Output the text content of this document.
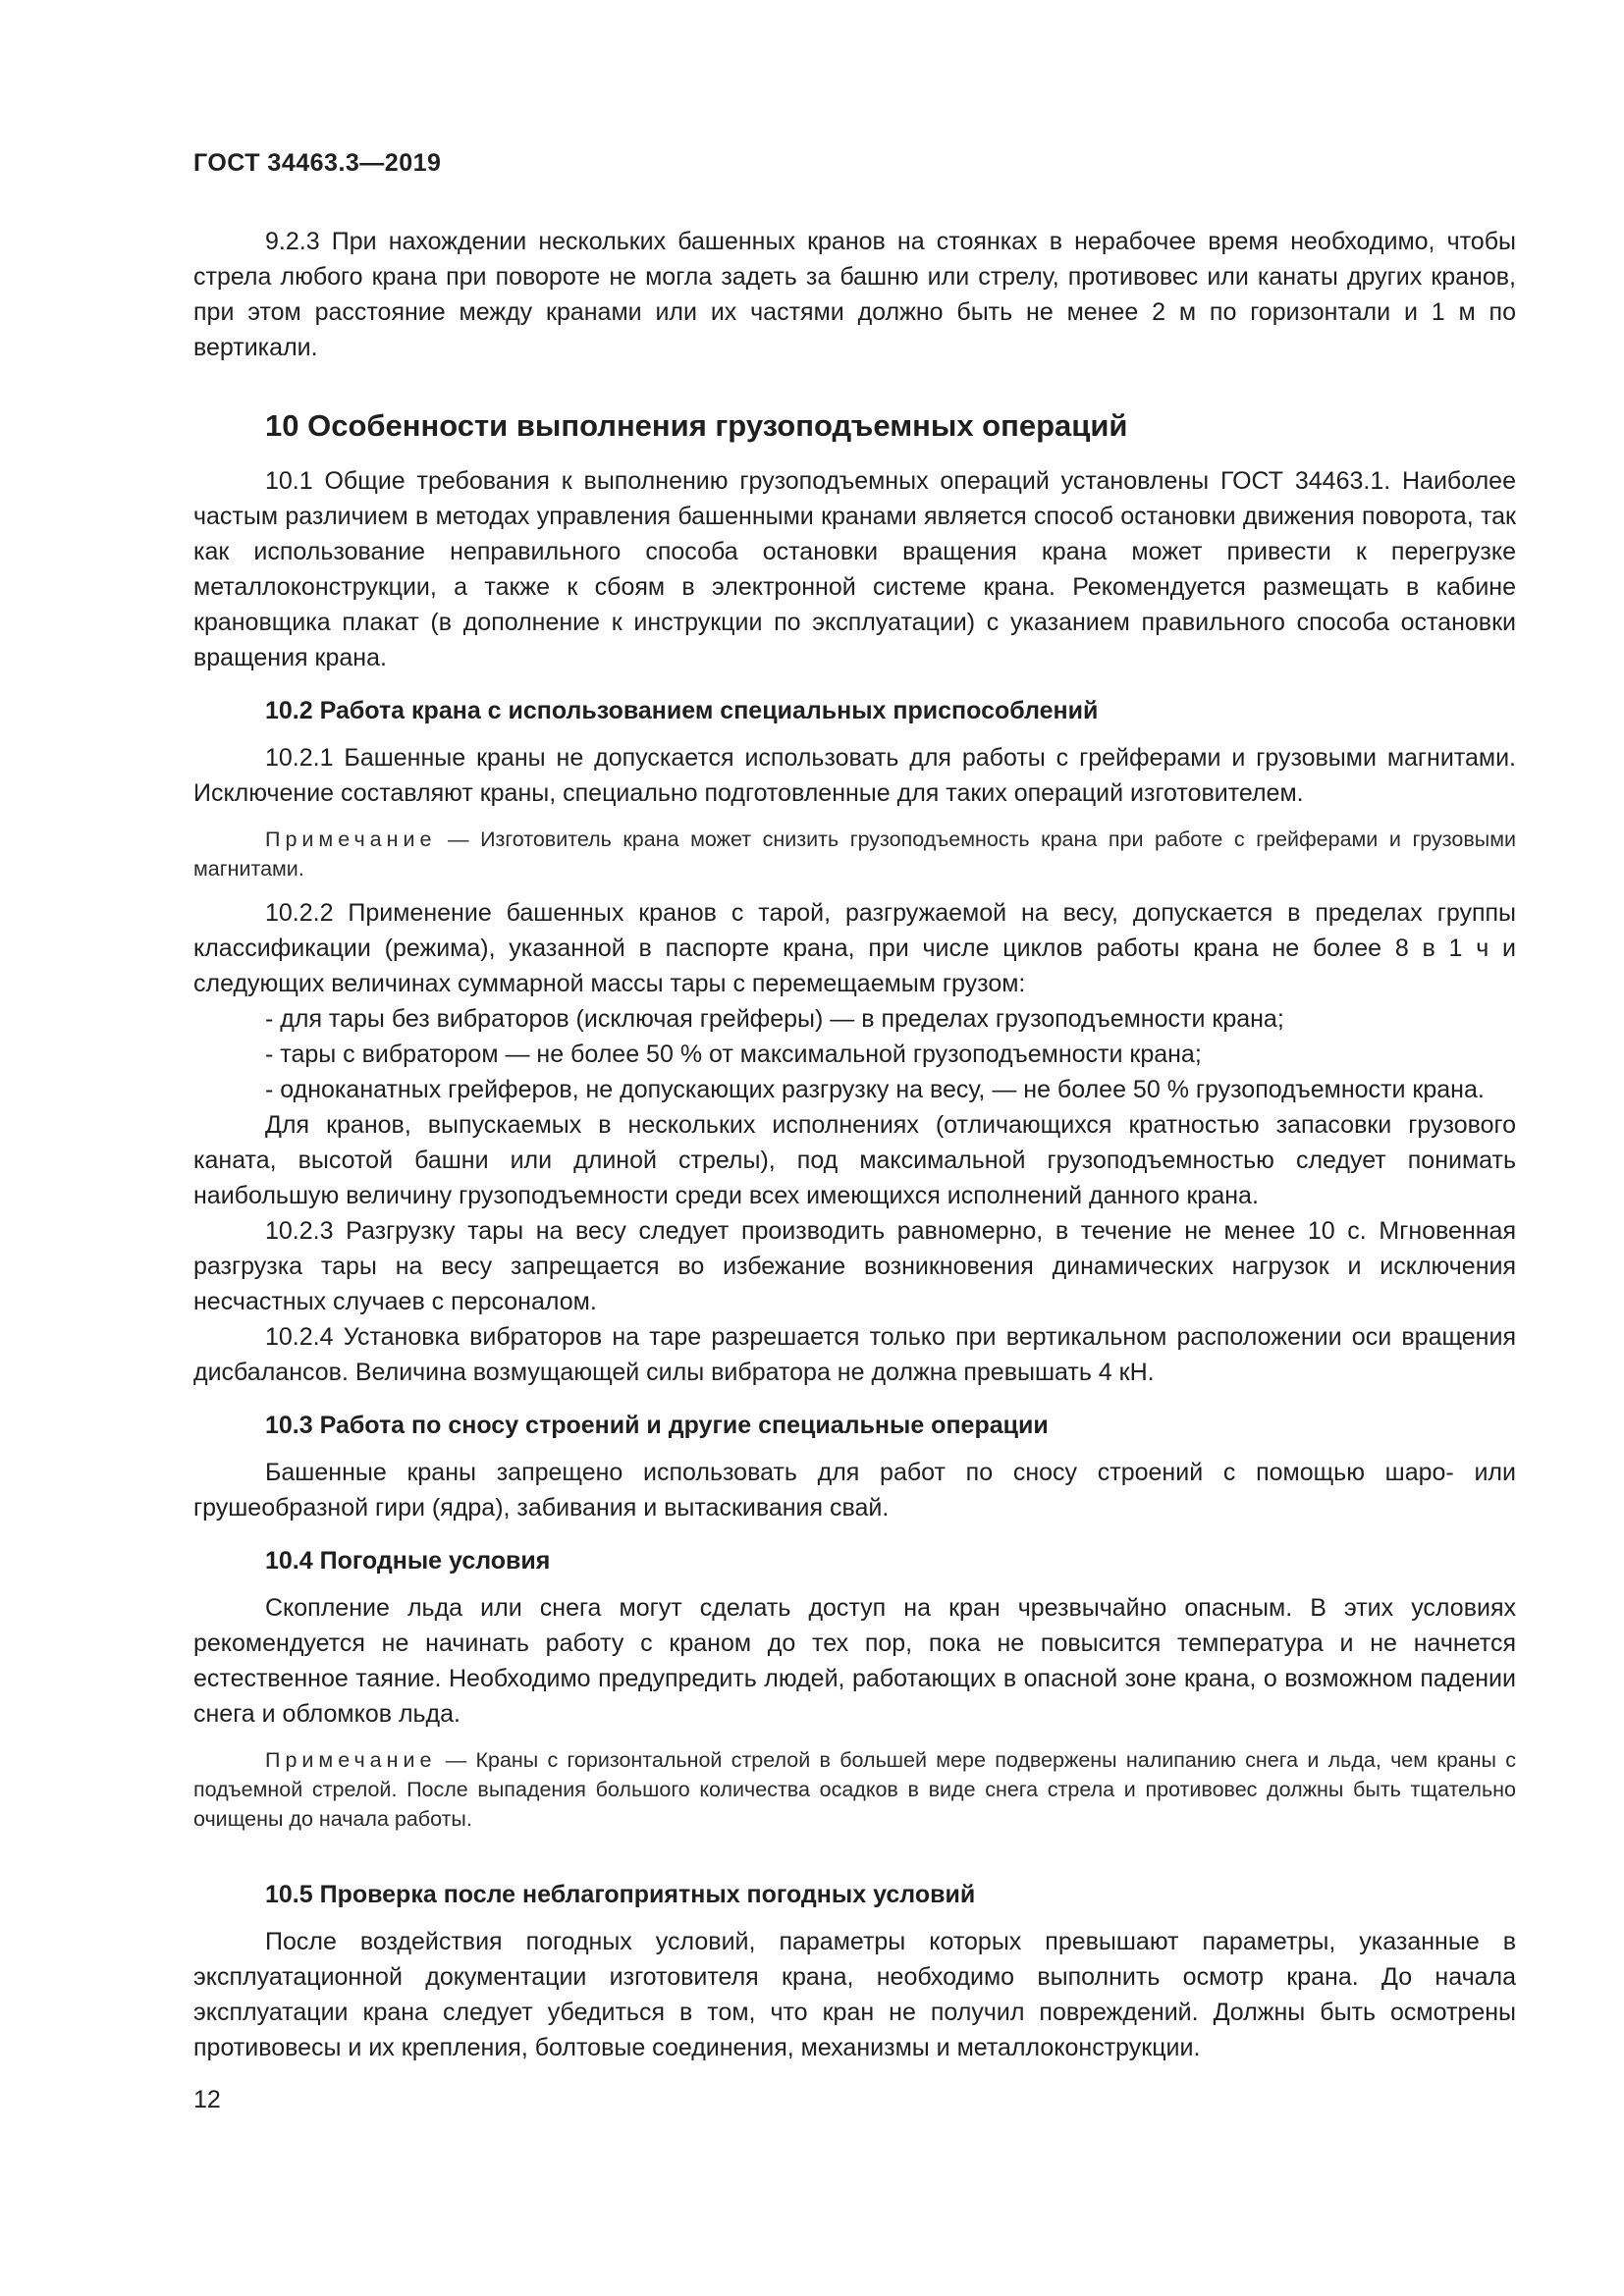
ГОСТ 34463.3—2019

9.2.3 При нахождении нескольких башенных кранов на стоянках в нерабочее время необходимо, чтобы стрела любого крана при повороте не могла задеть за башню или стрелу, противовес или канаты других кранов, при этом расстояние между кранами или их частями должно быть не менее 2 м по горизонтали и 1 м по вертикали.

10 Особенности выполнения грузоподъемных операций

10.1 Общие требования к выполнению грузоподъемных операций установлены ГОСТ 34463.1. Наиболее частым различием в методах управления башенными кранами является способ остановки движения поворота, так как использование неправильного способа остановки вращения крана может привести к перегрузке металлоконструкции, а также к сбоям в электронной системе крана. Рекомендуется размещать в кабине крановщика плакат (в дополнение к инструкции по эксплуатации) с указанием правильного способа остановки вращения крана.

10.2 Работа крана с использованием специальных приспособлений

10.2.1 Башенные краны не допускается использовать для работы с грейферами и грузовыми магнитами. Исключение составляют краны, специально подготовленные для таких операций изготовителем.

Примечание — Изготовитель крана может снизить грузоподъемность крана при работе с грейферами и грузовыми магнитами.

10.2.2 Применение башенных кранов с тарой, разгружаемой на весу, допускается в пределах группы классификации (режима), указанной в паспорте крана, при числе циклов работы крана не более 8 в 1 ч и следующих величинах суммарной массы тары с перемещаемым грузом:

- для тары без вибраторов (исключая грейферы) — в пределах грузоподъемности крана;

- тары с вибратором — не более 50 % от максимальной грузоподъемности крана;

- одноканатных грейферов, не допускающих разгрузку на весу, — не более 50 % грузоподъемности крана.

Для кранов, выпускаемых в нескольких исполнениях (отличающихся кратностью запасовки грузового каната, высотой башни или длиной стрелы), под максимальной грузоподъемностью следует понимать наибольшую величину грузоподъемности среди всех имеющихся исполнений данного крана.

10.2.3 Разгрузку тары на весу следует производить равномерно, в течение не менее 10 с. Мгновенная разгрузка тары на весу запрещается во избежание возникновения динамических нагрузок и исключения несчастных случаев с персоналом.

10.2.4 Установка вибраторов на таре разрешается только при вертикальном расположении оси вращения дисбалансов. Величина возмущающей силы вибратора не должна превышать 4 кН.

10.3 Работа по сносу строений и другие специальные операции

Башенные краны запрещено использовать для работ по сносу строений с помощью шаро- или грушеобразной гири (ядра), забивания и вытаскивания свай.

10.4 Погодные условия

Скопление льда или снега могут сделать доступ на кран чрезвычайно опасным. В этих условиях рекомендуется не начинать работу с краном до тех пор, пока не повысится температура и не начнется естественное таяние. Необходимо предупредить людей, работающих в опасной зоне крана, о возможном падении снега и обломков льда.

Примечание — Краны с горизонтальной стрелой в большей мере подвержены налипанию снега и льда, чем краны с подъемной стрелой. После выпадения большого количества осадков в виде снега стрела и противовес должны быть тщательно очищены до начала работы.
10.5 Проверка после неблагоприятных погодных условий

После воздействия погодных условий, параметры которых превышают параметры, указанные в эксплуатационной документации изготовителя крана, необходимо выполнить осмотр крана. До начала эксплуатации крана следует убедиться в том, что кран не получил повреждений. Должны быть осмотрены противовесы и их крепления, болтовые соединения, механизмы и металлоконструкции.

12
